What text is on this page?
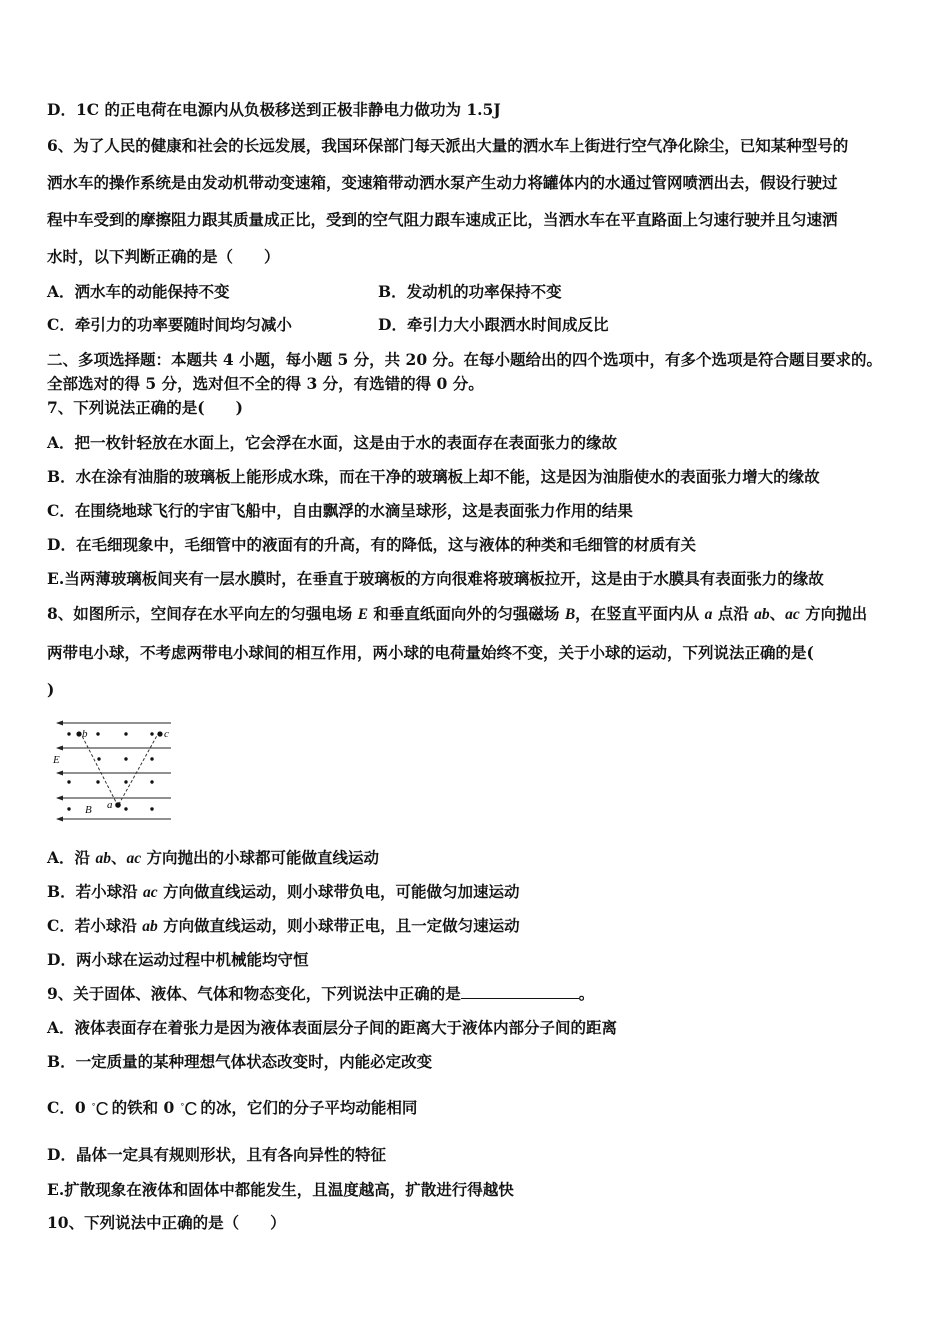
D．1C 的正电荷在电源内从负极移送到正极非静电力做功为 1.5J
6、为了人民的健康和社会的长远发展，我国环保部门每天派出大量的洒水车上街进行空气净化除尘，已知某种型号的
洒水车的操作系统是由发动机带动变速箱，变速箱带动洒水泵产生动力将罐体内的水通过管网喷洒出去，假设行驶过
程中车受到的摩擦阻力跟其质量成正比，受到的空气阻力跟车速成正比，当洒水车在平直路面上匀速行驶并且匀速洒
水时，以下判断正确的是（　　）
A．洒水车的动能保持不变	B．发动机的功率保持不变
C．牵引力的功率要随时间均匀减小	D．牵引力大小跟洒水时间成反比
二、多项选择题：本题共 4 小题，每小题 5 分，共 20 分。在每小题给出的四个选项中，有多个选项是符合题目要求的。
全部选对的得 5 分，选对但不全的得 3 分，有选错的得 0 分。
7、下列说法正确的是(　　)
A．把一枚针轻放在水面上，它会浮在水面，这是由于水的表面存在表面张力的缘故
B．水在涂有油脂的玻璃板上能形成水珠，而在干净的玻璃板上却不能，这是因为油脂使水的表面张力增大的缘故
C．在围绕地球飞行的宇宙飞船中，自由飘浮的水滴呈球形，这是表面张力作用的结果
D．在毛细现象中，毛细管中的液面有的升高，有的降低，这与液体的种类和毛细管的材质有关
E.当两薄玻璃板间夹有一层水膜时，在垂直于玻璃板的方向很难将玻璃板拉开，这是由于水膜具有表面张力的缘故
8、如图所示，空间存在水平向左的匀强电场 E 和垂直纸面向外的匀强磁场 B，在竖直平面内从 a 点沿 ab、ac 方向抛出
两带电小球，不考虑两带电小球间的相互作用，两小球的电荷量始终不变，关于小球的运动，下列说法正确的是(
)
b	c
E
B a
A．沿 ab、ac 方向抛出的小球都可能做直线运动
B．若小球沿 ac 方向做直线运动，则小球带负电，可能做匀加速运动
C．若小球沿 ab 方向做直线运动，则小球带正电，且一定做匀速运动
D．两小球在运动过程中机械能均守恒
9、关于固体、液体、气体和物态变化，下列说法中正确的是	。
A．液体表面存在着张力是因为液体表面层分子间的距离大于液体内部分子间的距离
B．一定质量的某种理想气体状态改变时，内能必定改变
C．0 ° C 的铁和 0 ° C 的冰，它们的分子平均动能相同
D．晶体一定具有规则形状，且有各向异性的特征
E.扩散现象在液体和固体中都能发生，且温度越高，扩散进行得越快
10、下列说法中正确的是（　　）
